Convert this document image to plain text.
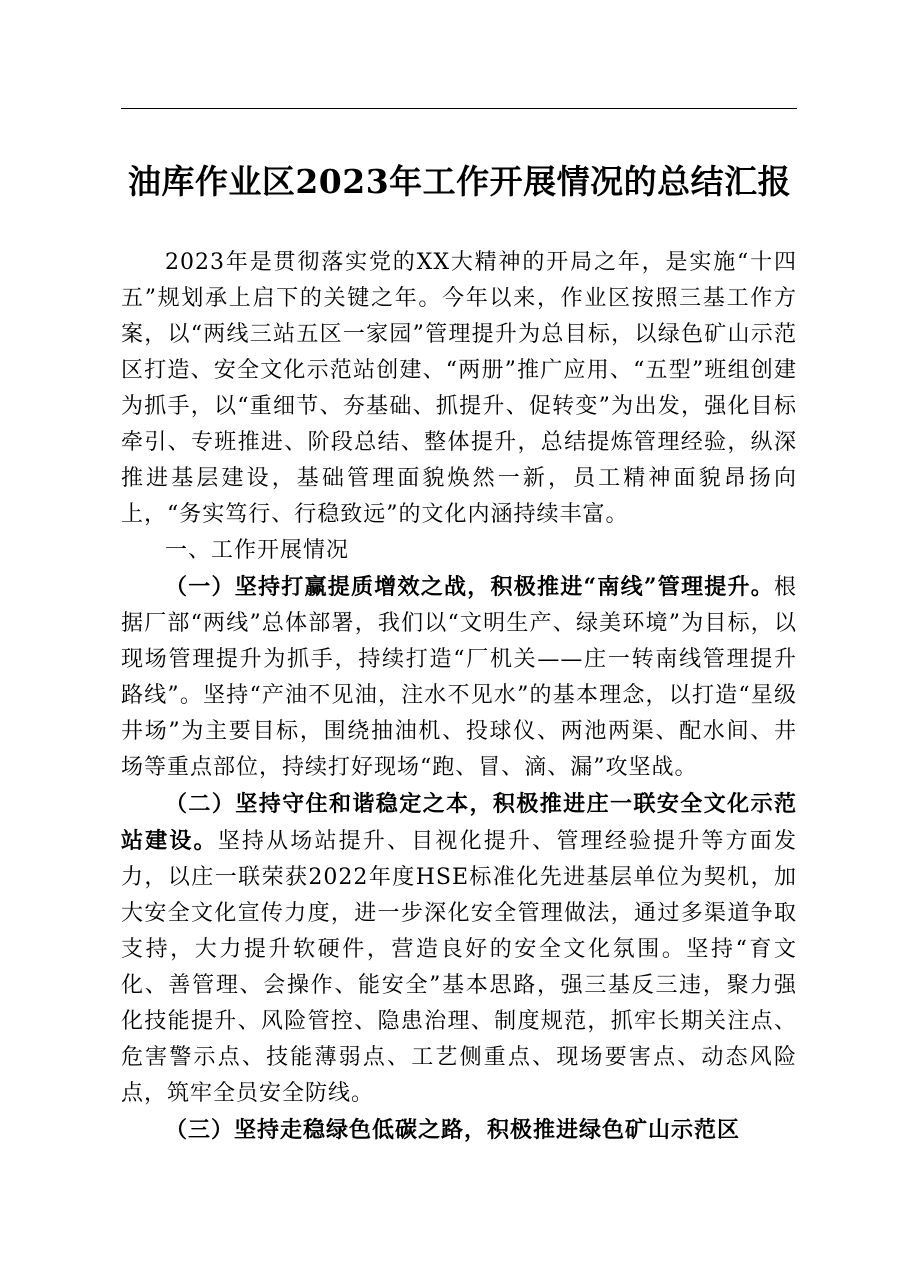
油库作业区2023年工作开展情况的总结汇报

2023年是贯彻落实党的XX大精神的开局之年，是实施“十四五”规划承上启下的关键之年。今年以来，作业区按照三基工作方案，以“两线三站五区一家园”管理提升为总目标，以绿色矿山示范区打造、安全文化示范站创建、“两册”推广应用、“五型”班组创建为抓手，以“重细节、夯基础、抓提升、促转变”为出发，强化目标牵引、专班推进、阶段总结、整体提升，总结提炼管理经验，纵深推进基层建设，基础管理面貌焕然一新，员工精神面貌昂扬向上，“务实笃行、行稳致远”的文化内涵持续丰富。

一、工作开展情况

（一）坚持打赢提质增效之战，积极推进“南线”管理提升。根据厂部“两线”总体部署，我们以“文明生产、绿美环境”为目标，以现场管理提升为抓手，持续打造“厂机关——庄一转南线管理提升路线”。坚持“产油不见油，注水不见水”的基本理念，以打造“星级井场”为主要目标，围绕抽油机、投球仪、两池两渠、配水间、井场等重点部位，持续打好现场“跑、冒、滴、漏”攻坚战。

（二）坚持守住和谐稳定之本，积极推进庄一联安全文化示范站建设。坚持从场站提升、目视化提升、管理经验提升等方面发力，以庄一联荣获2022年度HSE标准化先进基层单位为契机，加大安全文化宣传力度，进一步深化安全管理做法，通过多渠道争取支持，大力提升软硬件，营造良好的安全文化氛围。坚持“育文化、善管理、会操作、能安全”基本思路，强三基反三违，聚力强化技能提升、风险管控、隐患治理、制度规范，抓牢长期关注点、危害警示点、技能薄弱点、工艺侧重点、现场要害点、动态风险点，筑牢全员安全防线。

（三）坚持走稳绿色低碳之路，积极推进绿色矿山示范区
